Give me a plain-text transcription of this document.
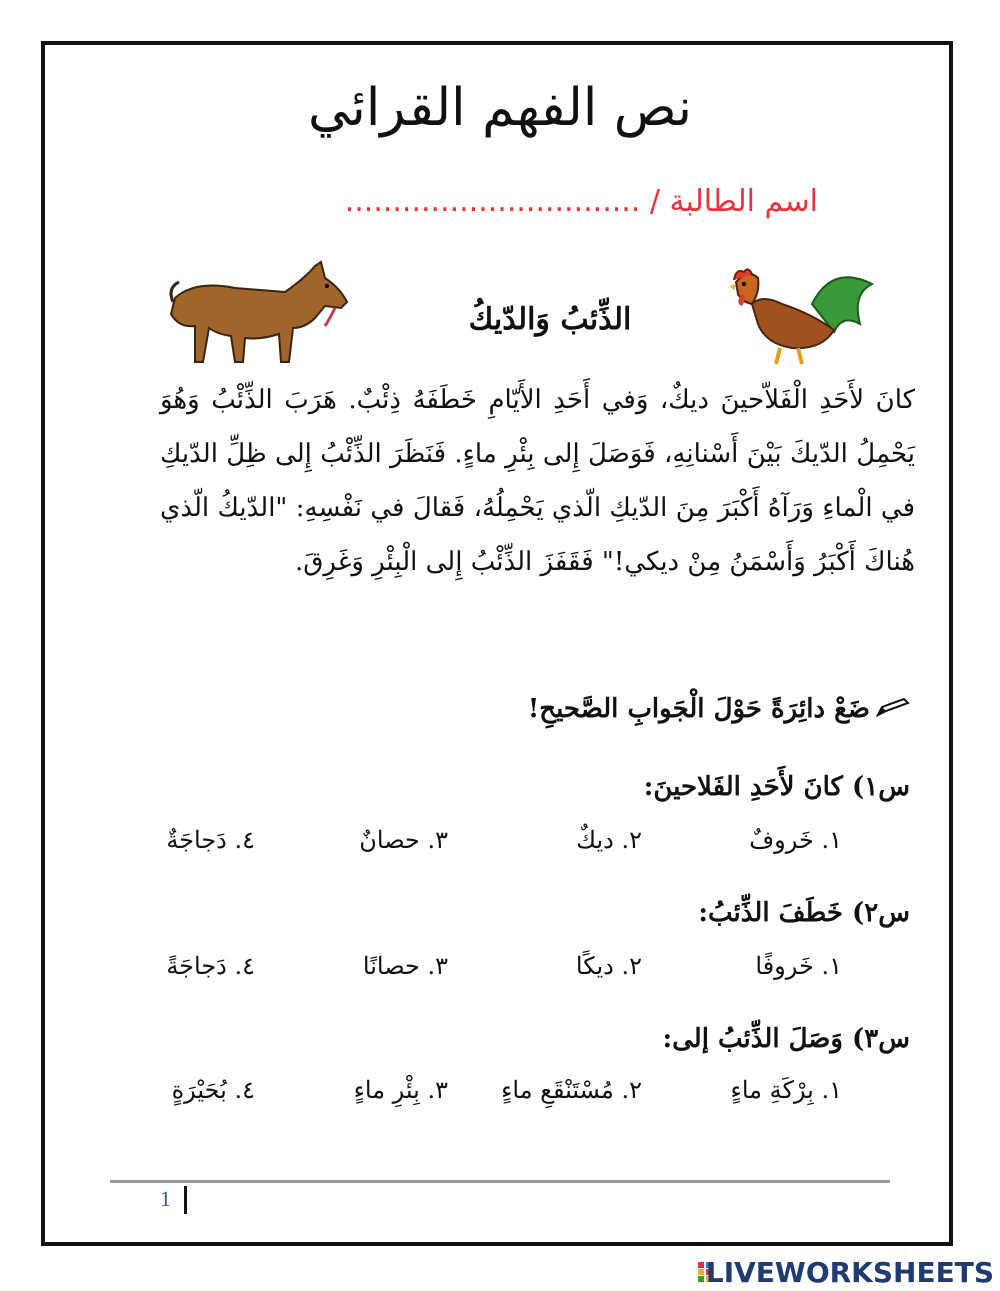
نص الفهم القرائي
اسم الطالبة / ...............................
الذِّئبُ وَالدّيكُ
كانَ لأَحَدِ الْفَلاّحينَ ديكٌ، وَفي أَحَدِ الأَيّامِ خَطَفَهُ ذِئْبٌ. هَرَبَ الذِّئْبُ وَهُوَ يَحْمِلُ الدّيكَ بَيْنَ أَسْنانِهِ، فَوَصَلَ إِلى بِئْرِ ماءٍ. فَنَظَرَ الذِّئْبُ إِلى ظِلِّ الدّيكِ في الْماءِ وَرَآهُ أَكْبَرَ مِنَ الدّيكِ الّذي يَحْمِلُهُ، فَقالَ في نَفْسِهِ: "الدّيكُ الّذي هُناكَ أَكْبَرُ وَأَسْمَنُ مِنْ ديكي!" فَقَفَزَ الذِّئْبُ إِلى الْبِئْرِ وَغَرِقَ.
ضَعْ دائِرَةً حَوْلَ الْجَوابِ الصَّحيحِ!
س١) كانَ لأَحَدِ الفَلاحينَ:
١. خَروفٌ
٢. ديكٌ
٣. حصانٌ
٤. دَجاجَةٌ
س٢) خَطَفَ الذِّئبُ:
١. خَروفًا
٢. ديكًا
٣. حصانًا
٤. دَجاجَةً
س٣) وَصَلَ الذِّئبُ إلى:
١. بِرْكَةِ ماءٍ
٢. مُسْتَنْقَعِ ماءٍ
٣. بِئْرِ ماءٍ
٤. بُحَيْرَةٍ
1
LIVEWORKSHEETS
